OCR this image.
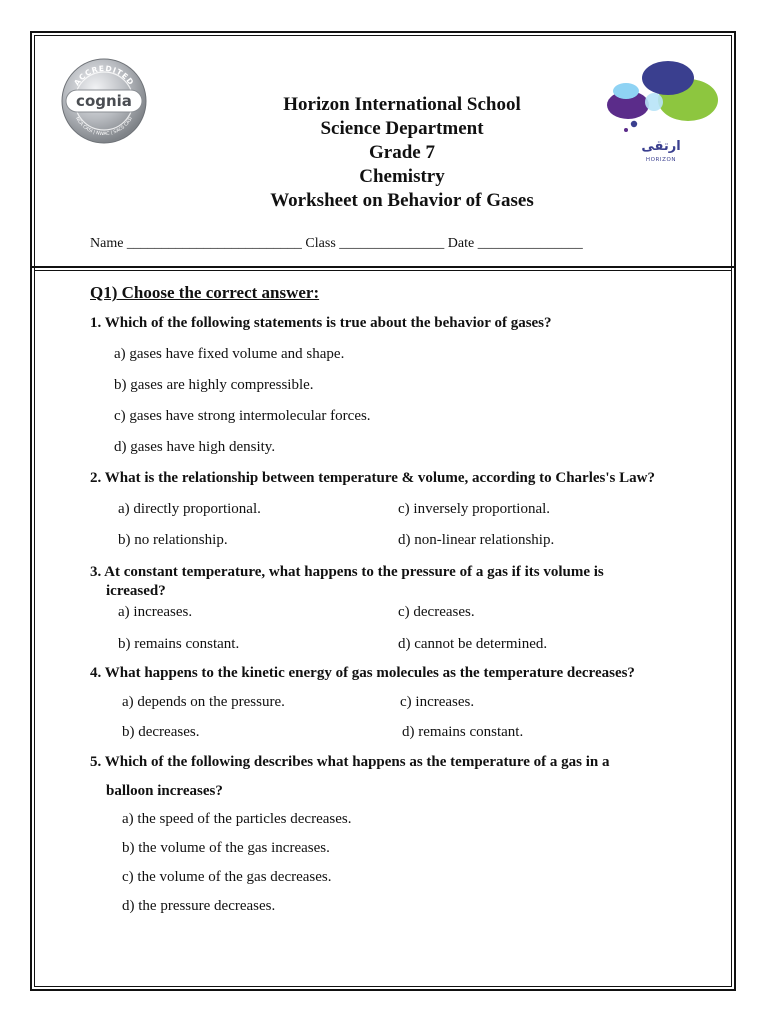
ACCREDITED
cognia
NCA CASI | NWAC | SACS CASI
ارتقى
HORIZON
Horizon International School
Science Department
Grade 7
Chemistry
Worksheet on Behavior of Gases
Name _________________________ Class _______________ Date _______________
Q1) Choose the correct answer:
1. Which of the following statements is true about the behavior of gases?
a) gases have fixed volume and shape.
b) gases are highly compressible.
c) gases have strong intermolecular forces.
d) gases have high density.
2. What is the relationship between temperature & volume, according to Charles's Law?
a) directly proportional.	c) inversely proportional.
b) no relationship.	d) non-linear relationship.
3. At constant temperature, what happens to the pressure of a gas if its volume is
icreased?
a) increases.	c) decreases.
b) remains constant.	d) cannot be determined.
4. What happens to the kinetic energy of gas molecules as the temperature decreases?
a) depends on the pressure.	c) increases.
b) decreases.	d) remains constant.
5. Which of the following describes what happens as the temperature of a gas in a
balloon increases?
a) the speed of the particles decreases.
b) the volume of the gas increases.
c) the volume of the gas decreases.
d) the pressure decreases.
